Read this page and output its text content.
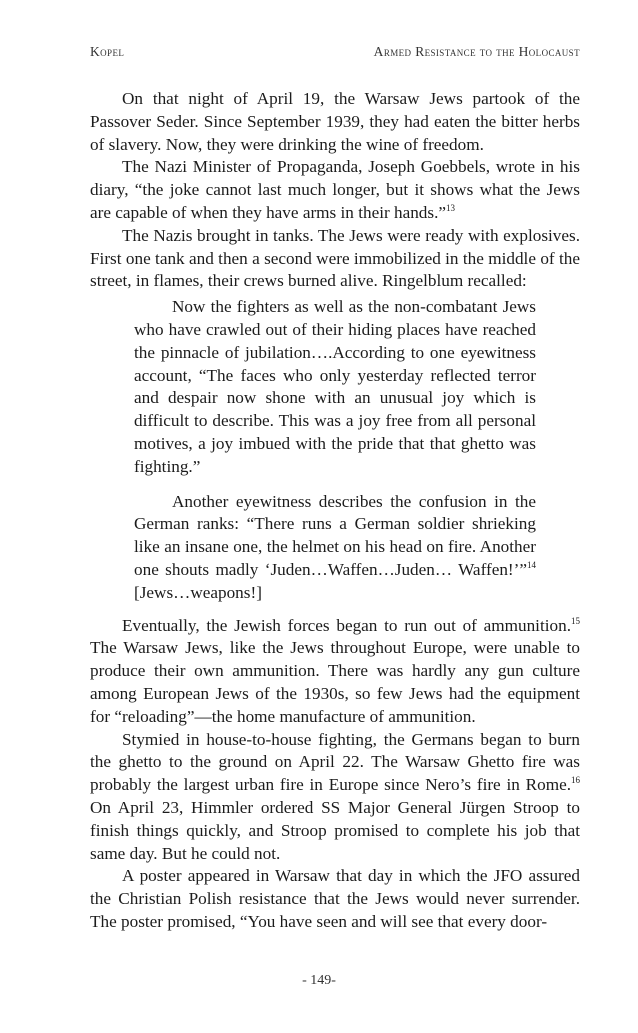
Kopel	Armed Resistance to the Holocaust

On that night of April 19, the Warsaw Jews partook of the Passover Seder. Since September 1939, they had eaten the bitter herbs of slavery. Now, they were drinking the wine of freedom.

The Nazi Minister of Propaganda, Joseph Goebbels, wrote in his diary, “the joke cannot last much longer, but it shows what the Jews are capable of when they have arms in their hands.”$^{13}$

The Nazis brought in tanks. The Jews were ready with explosives. First one tank and then a second were immobilized in the middle of the street, in flames, their crews burned alive. Ringelblum recalled:

Now the fighters as well as the non-combatant Jews who have crawled out of their hiding places have reached the pinnacle of jubilation….According to one eyewitness account, “The faces who only yesterday reflected terror and despair now shone with an unusual joy which is difficult to describe. This was a joy free from all personal motives, a joy imbued with the pride that that ghetto was fighting.”

Another eyewitness describes the confusion in the German ranks: “There runs a German soldier shrieking like an insane one, the helmet on his head on fire. Another one shouts madly ‘Juden…Waffen…Juden… Waffen!’”$^{14}$ [Jews…weapons!]

Eventually, the Jewish forces began to run out of ammunition.$^{15}$ The Warsaw Jews, like the Jews throughout Europe, were unable to produce their own ammunition. There was hardly any gun culture among European Jews of the 1930s, so few Jews had the equipment for “reloading”—the home manufacture of ammunition.

Stymied in house-to-house fighting, the Germans began to burn the ghetto to the ground on April 22. The Warsaw Ghetto fire was probably the largest urban fire in Europe since Nero’s fire in Rome.$^{16}$ On April 23, Himmler ordered SS Major General Jürgen Stroop to finish things quickly, and Stroop promised to complete his job that same day. But he could not.

A poster appeared in Warsaw that day in which the JFO assured the Christian Polish resistance that the Jews would never surrender. The poster promised, “You have seen and will see that every door-

- 149-
